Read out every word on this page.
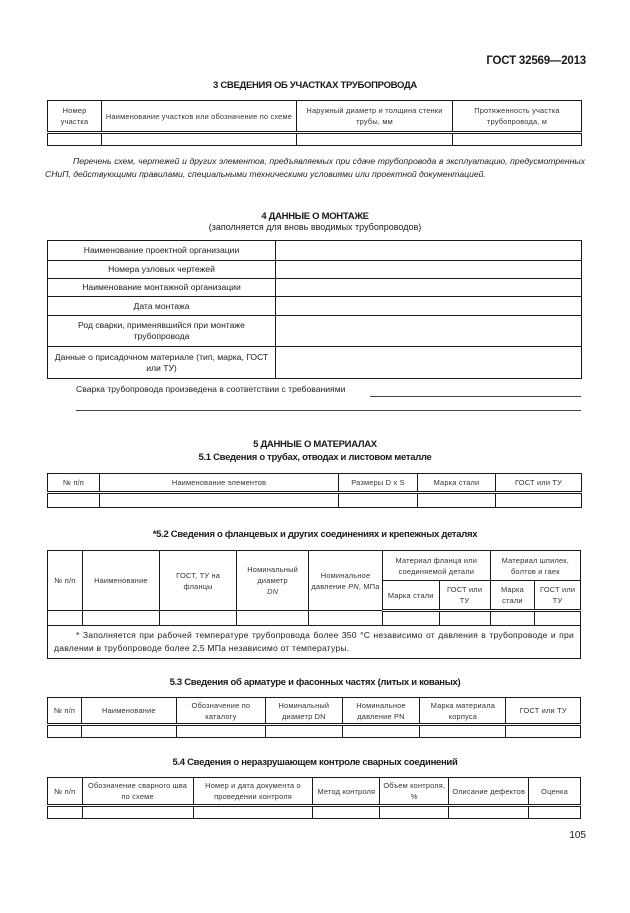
ГОСТ 32569—2013
3 СВЕДЕНИЯ ОБ УЧАСТКАХ ТРУБОПРОВОДА
Номер участка	Наименование участков или обозначение по схеме	Наружный диаметр и толщина стенки трубы, мм	Протяженность участка трубопровода, м

Перечень схем, чертежей и других элементов, предъявляемых при сдаче трубопровода в эксплуатацию, предусмотренных СНиП, действующими правилами, специальными техническими условиями или проектной документацией.
4 ДАННЫЕ О МОНТАЖЕ
(заполняется для вновь вводимых трубопроводов)
Наименование проектной организации	
Номера узловых чертежей	
Наименование монтажной организации	
Дата монтажа	
Род сварки, применявшийся при монтаже трубопровода	
Данные о присадочном материале (тип, марка, ГОСТ или ТУ)	
Сварка трубопровода произведена в соответствии с требованиями
5 ДАННЫЕ О МАТЕРИАЛАХ
5.1 Сведения о трубах, отводах и листовом металле
№ п/п	Наименование элементов	Размеры D x S	Марка стали	ГОСТ или ТУ

*5.2 Сведения о фланцевых и других соединениях и крепежных деталях
№ п/п	Наименование	ГОСТ, ТУ на фланцы	Номинальный диаметр
DN	Номинальное давление PN, МПа	Материал фланца или соединяемой детали		Материал шпилек, болтов и гаек	
					Марка стали	ГОСТ или ТУ	Марка стали	ГОСТ или ТУ

* Заполняется при рабочей температуре трубопровода более 350 °С независимо от давления в трубопроводе и при давлении в трубопроводе более 2,5 МПа независимо от температуры.								
5.3 Сведения об арматуре и фасонных частях (литых и кованых)
№ п/п	Наименование	Обозначение по каталогу	Номинальный диаметр DN	Номинальное давление PN	Марка материала корпуса	ГОСТ или ТУ

5.4 Сведения о неразрушающем контроле сварных соединений
№ п/п	Обозначение сварного шва по схеме	Номер и дата документа о проведении контроля	Метод контроля	Объем контроля, %	Описание дефектов	Оценка

105
